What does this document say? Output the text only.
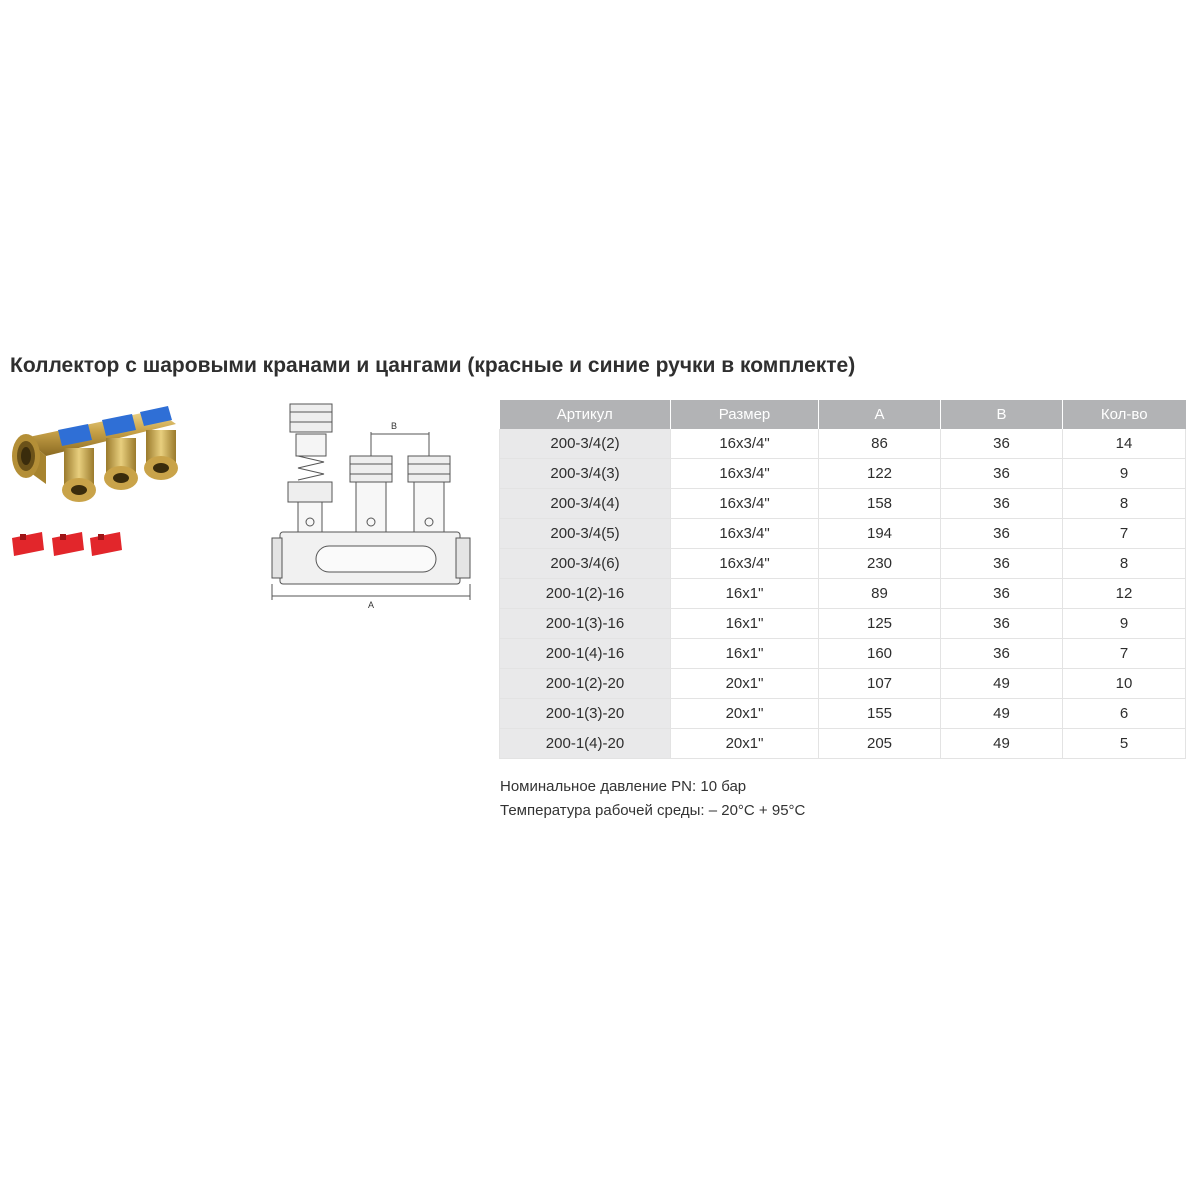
Коллектор с шаровыми кранами и цангами (красные и синие ручки в комплекте)
B
A
Артикул	Размер	A	B	Кол-во
200-3/4(2)	16x3/4"	86	36	14
200-3/4(3)	16x3/4"	122	36	9
200-3/4(4)	16x3/4"	158	36	8
200-3/4(5)	16x3/4"	194	36	7
200-3/4(6)	16x3/4"	230	36	8
200-1(2)-16	16x1"	89	36	12
200-1(3)-16	16x1"	125	36	9
200-1(4)-16	16x1"	160	36	7
200-1(2)-20	20x1"	107	49	10
200-1(3)-20	20x1"	155	49	6
200-1(4)-20	20x1"	205	49	5
Номинальное давление PN: 10 бар
Температура рабочей среды: – 20°C + 95°C
